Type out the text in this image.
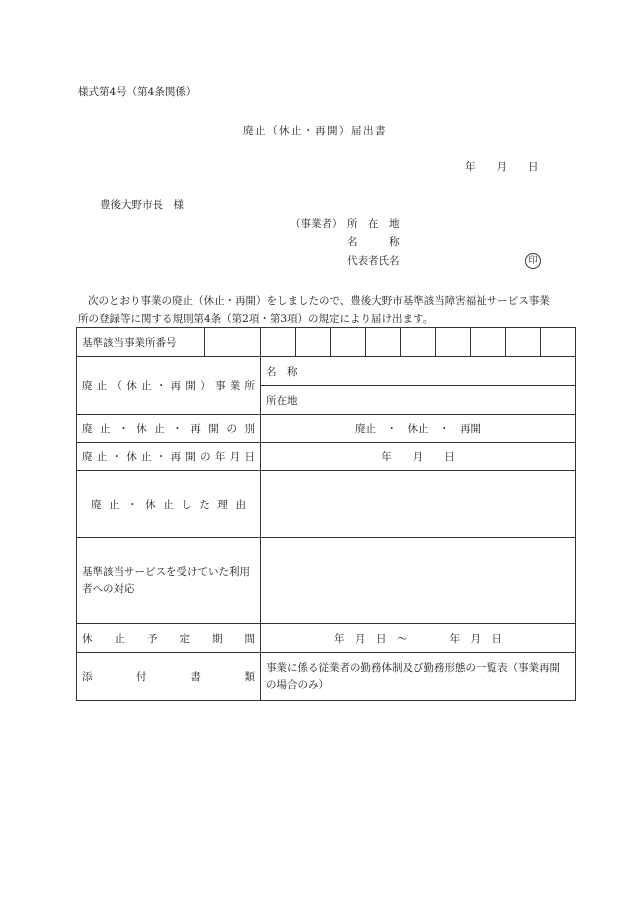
様式第4号（第4条関係）
廃止（休止・再開）届出書
年　　月　　日
豊後大野市長　様
（事業者） 所　在　地
名　　　称
代表者氏名	印
次のとおり事業の廃止（休止・再開）をしましたので、豊後大野市基準該当障害福祉サービス事業所の登録等に関する規則第4条（第2項・第3項）の規定により届け出ます。
基準該当事業所番号										
廃止（休止・再開）事業所		名　称								
		所在地								
廃止・休止・再開の別		廃止　・　休止　・　再開								
廃止・休止・再開の年月日		年　　月　　日								
廃止・休止した理由										
基準該当サービスを受けていた利用者への対応										
休止予定期間		年　月　日　～　　　　年　月　日								
添付書類		事業に係る従業者の勤務体制及び勤務形態の一覧表（事業再開の場合のみ）								
